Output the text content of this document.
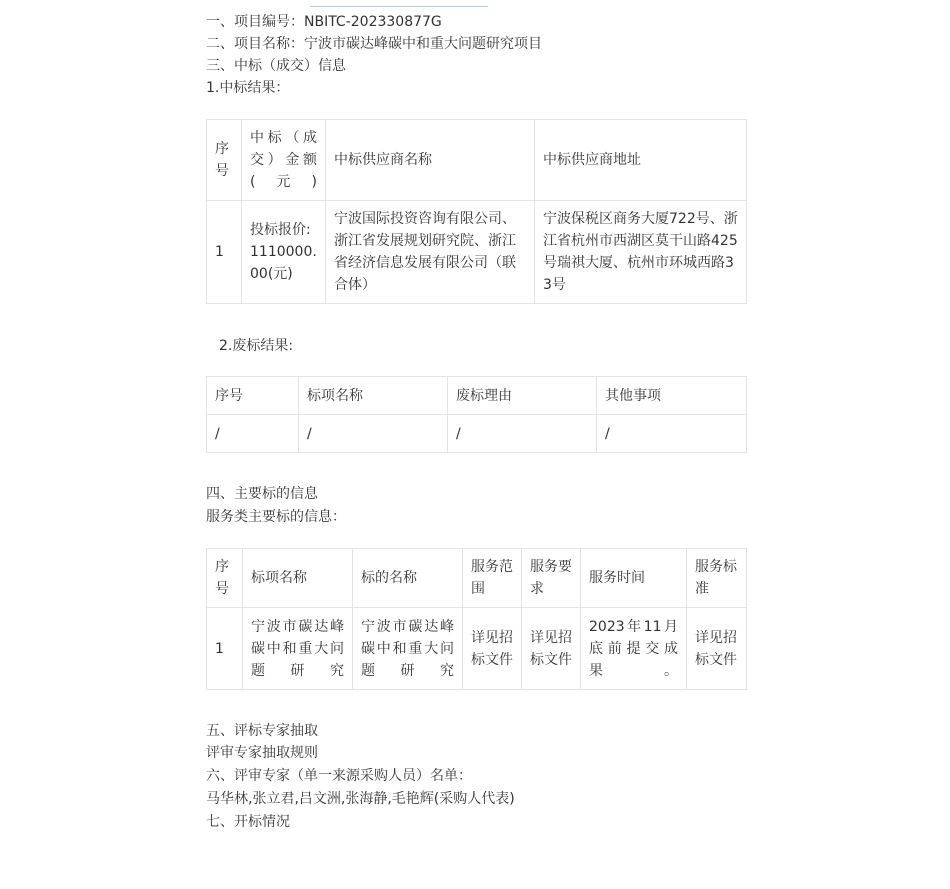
一、项目编号：NBITC-202330877G
二、项目名称：宁波市碳达峰碳中和重大问题研究项目
三、中标（成交）信息
1.中标结果：
序号	中标（成交）金额(元)	中标供应商名称	中标供应商地址
1	投标报价:1110000.00(元)	宁波国际投资咨询有限公司、浙江省发展规划研究院、浙江省经济信息发展有限公司（联合体）	宁波保税区商务大厦722号、浙江省杭州市西湖区莫干山路425号瑞祺大厦、杭州市环城西路33号
2.废标结果:
序号	标项名称	废标理由	其他事项
/	/	/	/
四、主要标的信息
服务类主要标的信息：
序号	标项名称	标的名称	服务范围	服务要求	服务时间	服务标准
1	宁波市碳达峰碳中和重大问题研究	宁波市碳达峰碳中和重大问题研究	详见招标文件	详见招标文件	2023年11月底前提交成果。	详见招标文件
五、评标专家抽取
评审专家抽取规则
六、评审专家（单一来源采购人员）名单：
马华林,张立君,吕文洲,张海静,毛艳辉(采购人代表)
七、开标情况
